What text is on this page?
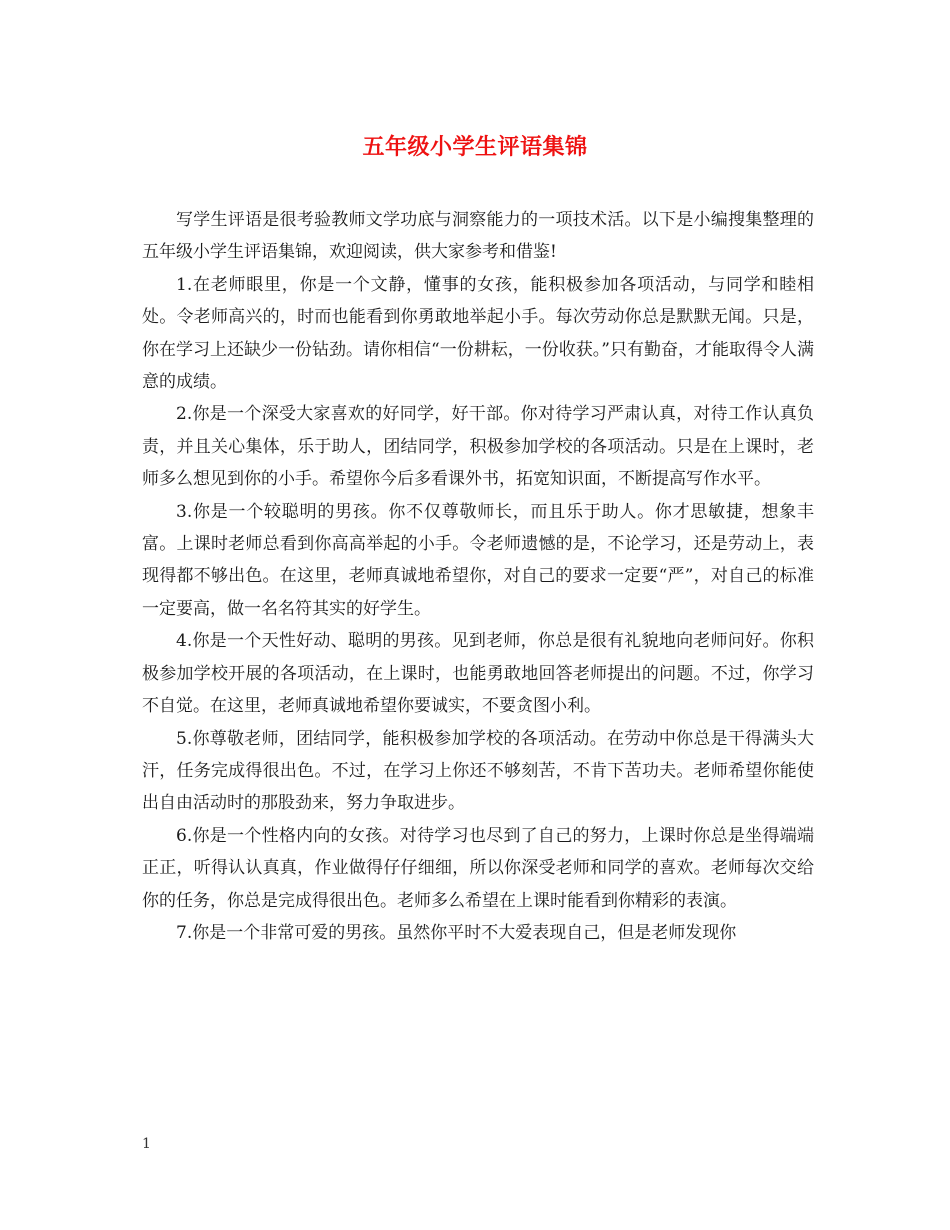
五年级小学生评语集锦

写学生评语是很考验教师文学功底与洞察能力的一项技术活。以下是小编搜集整理的五年级小学生评语集锦，欢迎阅读，供大家参考和借鉴!

1.在老师眼里，你是一个文静，懂事的女孩，能积极参加各项活动，与同学和睦相处。令老师高兴的，时而也能看到你勇敢地举起小手。每次劳动你总是默默无闻。只是，你在学习上还缺少一份钻劲。请你相信“一份耕耘，一份收获。”只有勤奋，才能取得令人满意的成绩。

2.你是一个深受大家喜欢的好同学，好干部。你对待学习严肃认真，对待工作认真负责，并且关心集体，乐于助人，团结同学，积极参加学校的各项活动。只是在上课时，老师多么想见到你的小手。希望你今后多看课外书，拓宽知识面，不断提高写作水平。

3.你是一个较聪明的男孩。你不仅尊敬师长，而且乐于助人。你才思敏捷，想象丰富。上课时老师总看到你高高举起的小手。令老师遗憾的是，不论学习，还是劳动上，表现得都不够出色。在这里，老师真诚地希望你，对自己的要求一定要“严”，对自己的标准一定要高，做一名名符其实的好学生。

4.你是一个天性好动、聪明的男孩。见到老师，你总是很有礼貌地向老师问好。你积极参加学校开展的各项活动，在上课时，也能勇敢地回答老师提出的问题。不过，你学习不自觉。在这里，老师真诚地希望你要诚实，不要贪图小利。

5.你尊敬老师，团结同学，能积极参加学校的各项活动。在劳动中你总是干得满头大汗，任务完成得很出色。不过，在学习上你还不够刻苦，不肯下苦功夫。老师希望你能使出自由活动时的那股劲来，努力争取进步。

6.你是一个性格内向的女孩。对待学习也尽到了自己的努力，上课时你总是坐得端端正正，听得认认真真，作业做得仔仔细细，所以你深受老师和同学的喜欢。老师每次交给你的任务，你总是完成得很出色。老师多么希望在上课时能看到你精彩的表演。

7.你是一个非常可爱的男孩。虽然你平时不大爱表现自己，但是老师发现你

1
